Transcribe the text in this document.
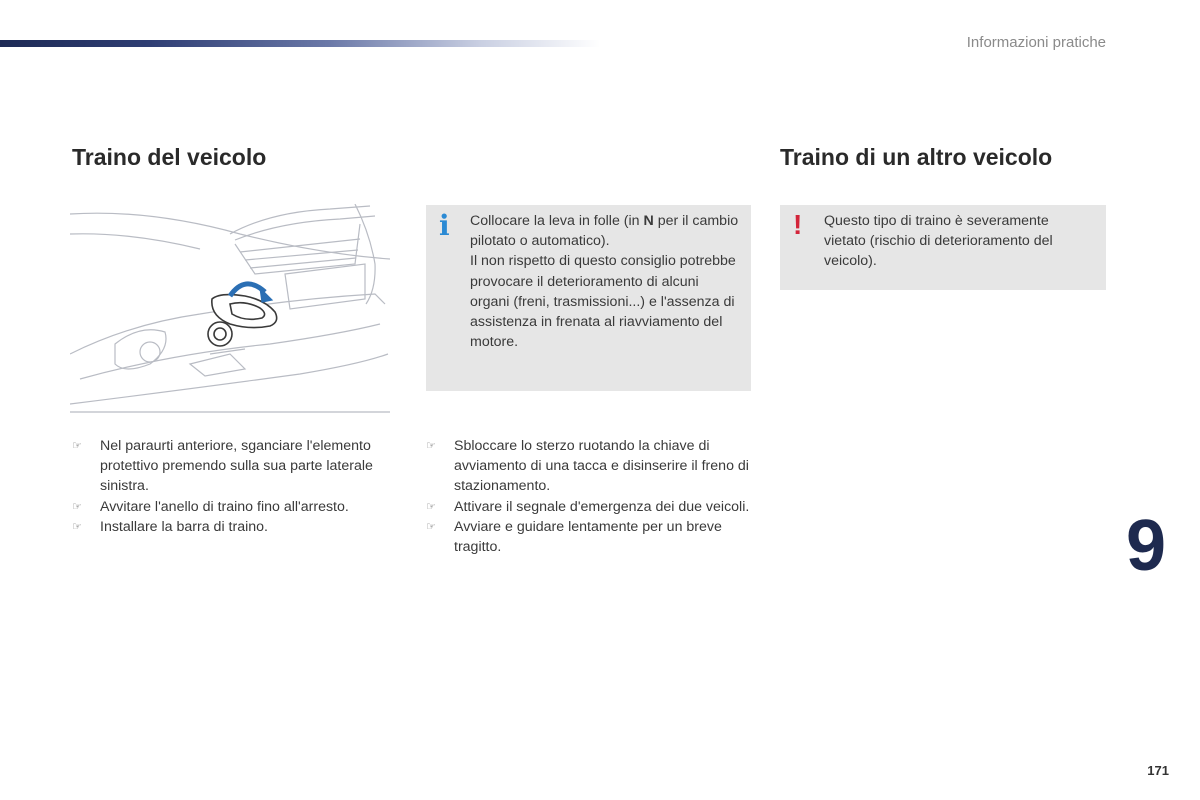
Informazioni pratiche
Traino del veicolo	Traino di un altro veicolo
i Collocare la leva in folle (in N per il cambio pilotato o automatico).
Il non rispetto di questo consiglio potrebbe provocare il deterioramento di alcuni organi (freni, trasmissioni...) e l'assenza di assistenza in frenata al riavviamento del motore.
! Questo tipo di traino è severamente vietato (rischio di deterioramento del veicolo).
☞ Nel paraurti anteriore, sganciare l'elemento protettivo premendo sulla sua parte laterale sinistra.
☞ Avvitare l'anello di traino fino all'arresto.
☞ Installare la barra di traino.
☞ Sbloccare lo sterzo ruotando la chiave di avviamento di una tacca e disinserire il freno di stazionamento.
☞ Attivare il segnale d'emergenza dei due veicoli.
☞ Avviare e guidare lentamente per un breve tragitto.	9
171
